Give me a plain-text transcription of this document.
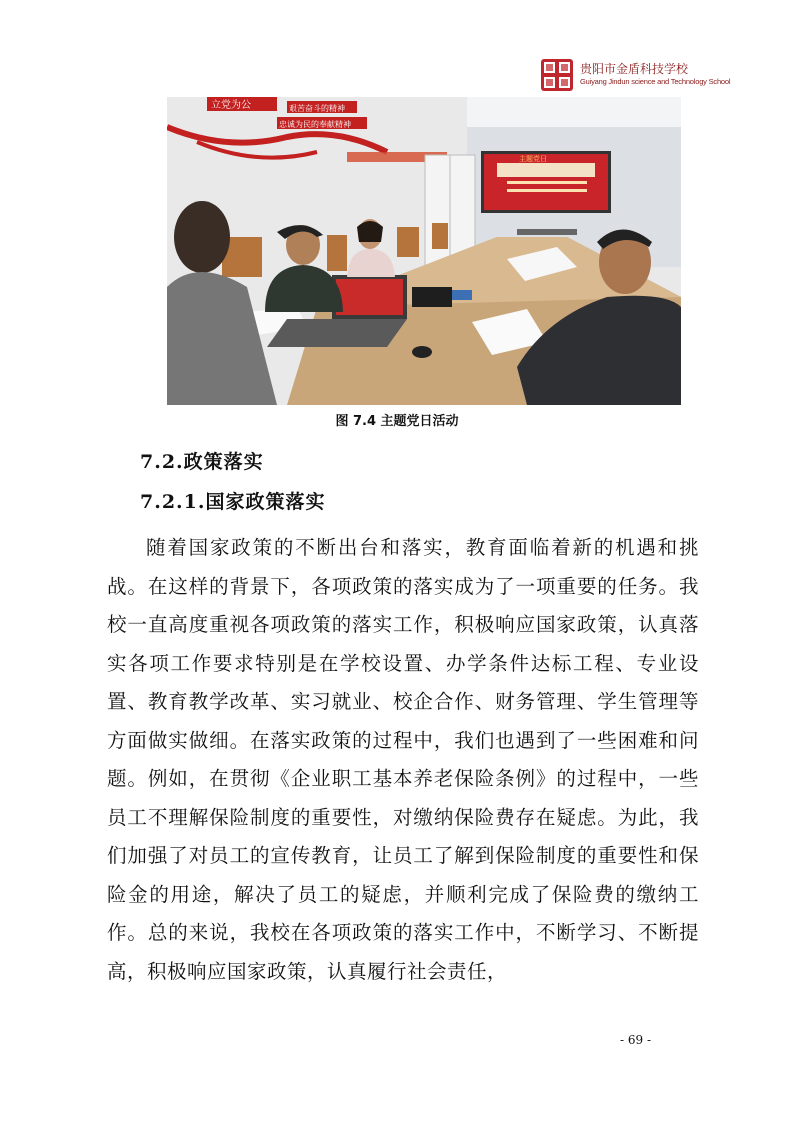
贵阳市金盾科技学校
Guiyang Jindun science and Technology School
立党为公	艰苦奋斗的精神
忠诚为民的奉献精神
主题党日
图 7.4 主题党日活动
7.2.政策落实
7.2.1.国家政策落实

随着国家政策的不断出台和落实，教育面临着新的机遇和挑战。在这样的背景下，各项政策的落实成为了一项重要的任务。我校一直高度重视各项政策的落实工作，积极响应国家政策，认真落实各项工作要求特别是在学校设置、办学条件达标工程、专业设置、教育教学改革、实习就业、校企合作、财务管理、学生管理等方面做实做细。在落实政策的过程中，我们也遇到了一些困难和问题。例如，在贯彻《企业职工基本养老保险条例》的过程中，一些员工不理解保险制度的重要性，对缴纳保险费存在疑虑。为此，我们加强了对员工的宣传教育，让员工了解到保险制度的重要性和保险金的用途，解决了员工的疑虑，并顺利完成了保险费的缴纳工作。总的来说，我校在各项政策的落实工作中，不断学习、不断提高，积极响应国家政策，认真履行社会责任，

- 69 -
